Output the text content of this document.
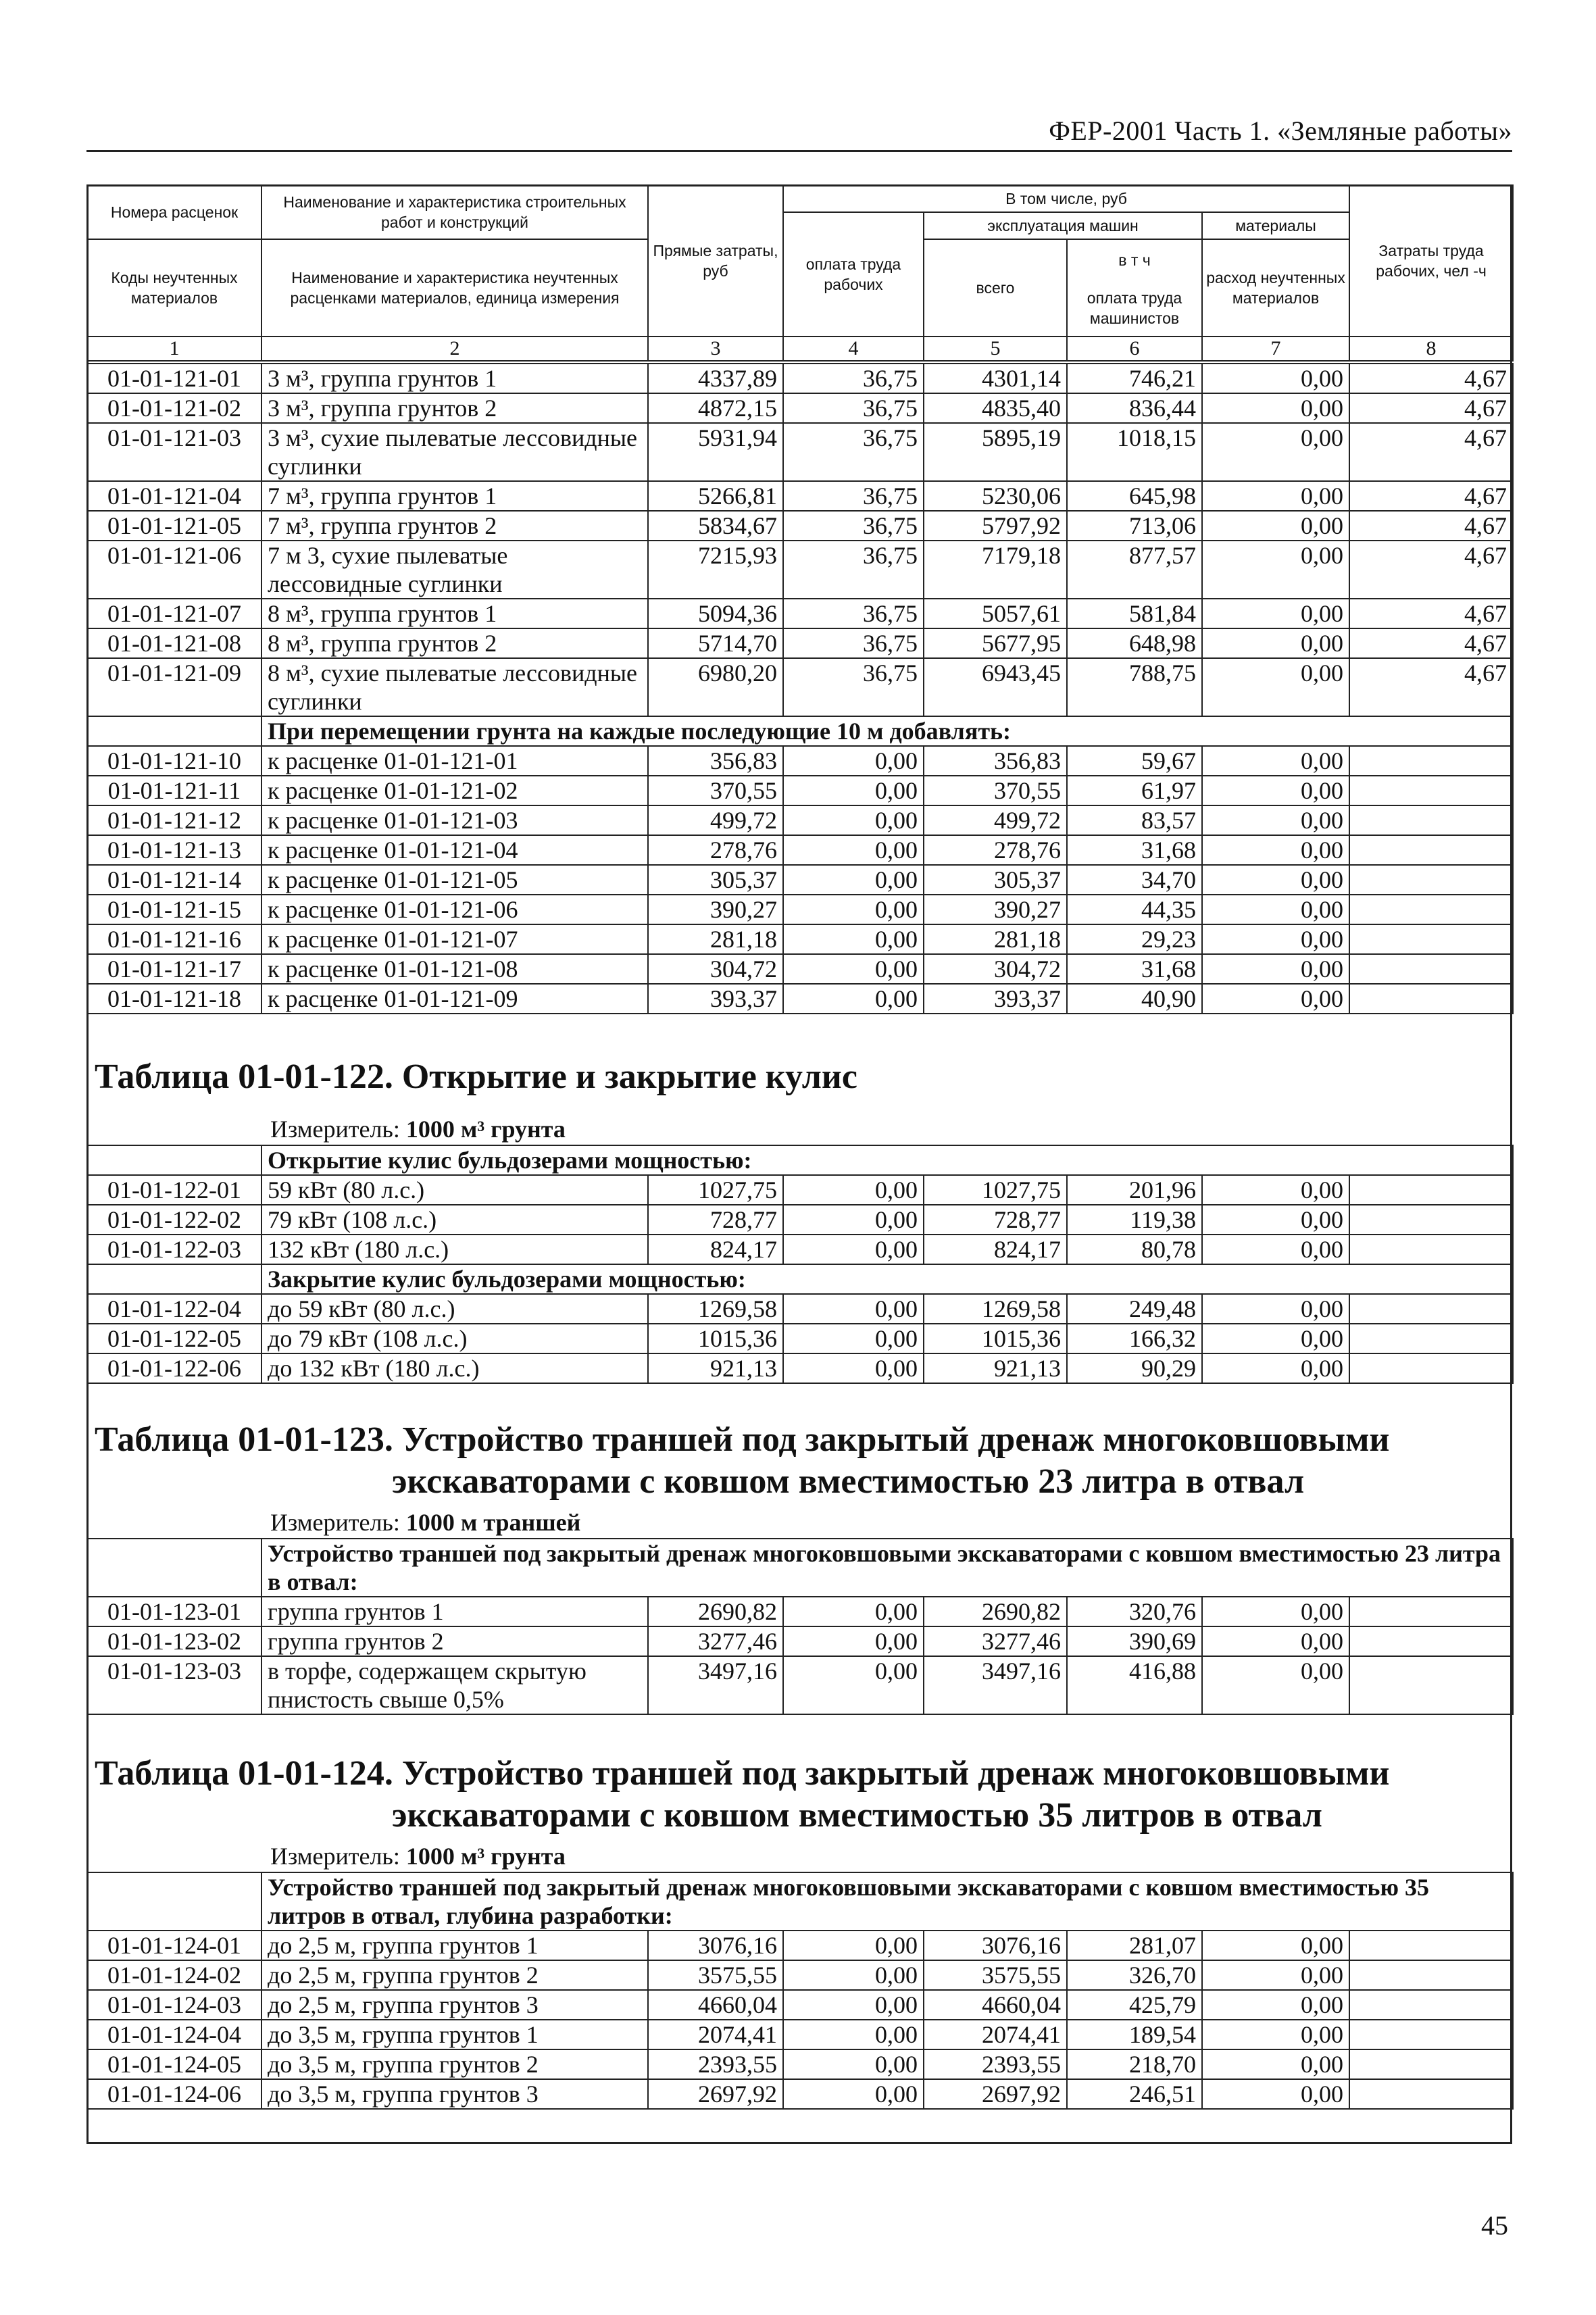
ФЕР-2001 Часть 1. «Земляные работы»
Номера расценок	Наименование и характеристика строительных работ и конструкций	Прямые затраты, руб	В том числе, руб				Затраты труда рабочих, чел -ч
			оплата труда рабочих	эксплуатация машин		материалы	
Коды неучтенных материалов	Наименование и характеристика неучтенных расценками материалов, единица измерения			всего	в т ч	расход неучтенных материалов	
					оплата труда машинистов		
1	2	3	4	5	6	7	8
01-01-121-01	3 м³, группа грунтов 1	4337,89	36,75	4301,14	746,21	0,00	4,67
01-01-121-02	3 м³, группа грунтов 2	4872,15	36,75	4835,40	836,44	0,00	4,67
01-01-121-03	3 м³, сухие пылеватые лессовидные суглинки	5931,94	36,75	5895,19	1018,15	0,00	4,67
01-01-121-04	7 м³, группа грунтов 1	5266,81	36,75	5230,06	645,98	0,00	4,67
01-01-121-05	7 м³, группа грунтов 2	5834,67	36,75	5797,92	713,06	0,00	4,67
01-01-121-06	7 м 3, сухие пылеватые лессовидные суглинки	7215,93	36,75	7179,18	877,57	0,00	4,67
01-01-121-07	8 м³, группа грунтов 1	5094,36	36,75	5057,61	581,84	0,00	4,67
01-01-121-08	8 м³, группа грунтов 2	5714,70	36,75	5677,95	648,98	0,00	4,67
01-01-121-09	8 м³, сухие пылеватые лессовидные суглинки	6980,20	36,75	6943,45	788,75	0,00	4,67
	При перемещении грунта на каждые последующие 10 м добавлять:						
01-01-121-10	к расценке 01-01-121-01	356,83	0,00	356,83	59,67	0,00	
01-01-121-11	к расценке 01-01-121-02	370,55	0,00	370,55	61,97	0,00	
01-01-121-12	к расценке 01-01-121-03	499,72	0,00	499,72	83,57	0,00	
01-01-121-13	к расценке 01-01-121-04	278,76	0,00	278,76	31,68	0,00	
01-01-121-14	к расценке 01-01-121-05	305,37	0,00	305,37	34,70	0,00	
01-01-121-15	к расценке 01-01-121-06	390,27	0,00	390,27	44,35	0,00	
01-01-121-16	к расценке 01-01-121-07	281,18	0,00	281,18	29,23	0,00	
01-01-121-17	к расценке 01-01-121-08	304,72	0,00	304,72	31,68	0,00	
01-01-121-18	к расценке 01-01-121-09	393,37	0,00	393,37	40,90	0,00	
Таблица 01-01-122. Открытие и закрытие кулис
Измеритель: 1000 м³ грунта
	Открытие кулис бульдозерами мощностью:						
01-01-122-01	59 кВт (80 л.с.)	1027,75	0,00	1027,75	201,96	0,00	
01-01-122-02	79 кВт (108 л.с.)	728,77	0,00	728,77	119,38	0,00	
01-01-122-03	132 кВт (180 л.с.)	824,17	0,00	824,17	80,78	0,00	
	Закрытие кулис бульдозерами мощностью:						
01-01-122-04	до 59 кВт (80 л.с.)	1269,58	0,00	1269,58	249,48	0,00	
01-01-122-05	до 79 кВт (108 л.с.)	1015,36	0,00	1015,36	166,32	0,00	
01-01-122-06	до 132 кВт (180 л.с.)	921,13	0,00	921,13	90,29	0,00	
Таблица 01-01-123. Устройство траншей под закрытый дренаж многоковшовыми
экскаваторами с ковшом вместимостью 23 литра в отвал
Измеритель: 1000 м траншей
	Устройство траншей под закрытый дренаж многоковшовыми экскаваторами с ковшом вместимостью 23 литра в отвал:						
01-01-123-01	группа грунтов 1	2690,82	0,00	2690,82	320,76	0,00	
01-01-123-02	группа грунтов 2	3277,46	0,00	3277,46	390,69	0,00	
01-01-123-03	в торфе, содержащем скрытую пнистость свыше 0,5%	3497,16	0,00	3497,16	416,88	0,00	
Таблица 01-01-124. Устройство траншей под закрытый дренаж многоковшовыми
экскаваторами с ковшом вместимостью 35 литров в отвал
Измеритель: 1000 м³ грунта
	Устройство траншей под закрытый дренаж многоковшовыми экскаваторами с ковшом вместимостью 35 литров в отвал, глубина разработки:						
01-01-124-01	до 2,5 м, группа грунтов 1	3076,16	0,00	3076,16	281,07	0,00	
01-01-124-02	до 2,5 м, группа грунтов 2	3575,55	0,00	3575,55	326,70	0,00	
01-01-124-03	до 2,5 м, группа грунтов 3	4660,04	0,00	4660,04	425,79	0,00	
01-01-124-04	до 3,5 м, группа грунтов 1	2074,41	0,00	2074,41	189,54	0,00	
01-01-124-05	до 3,5 м, группа грунтов 2	2393,55	0,00	2393,55	218,70	0,00	
01-01-124-06	до 3,5 м, группа грунтов 3	2697,92	0,00	2697,92	246,51	0,00	
45
